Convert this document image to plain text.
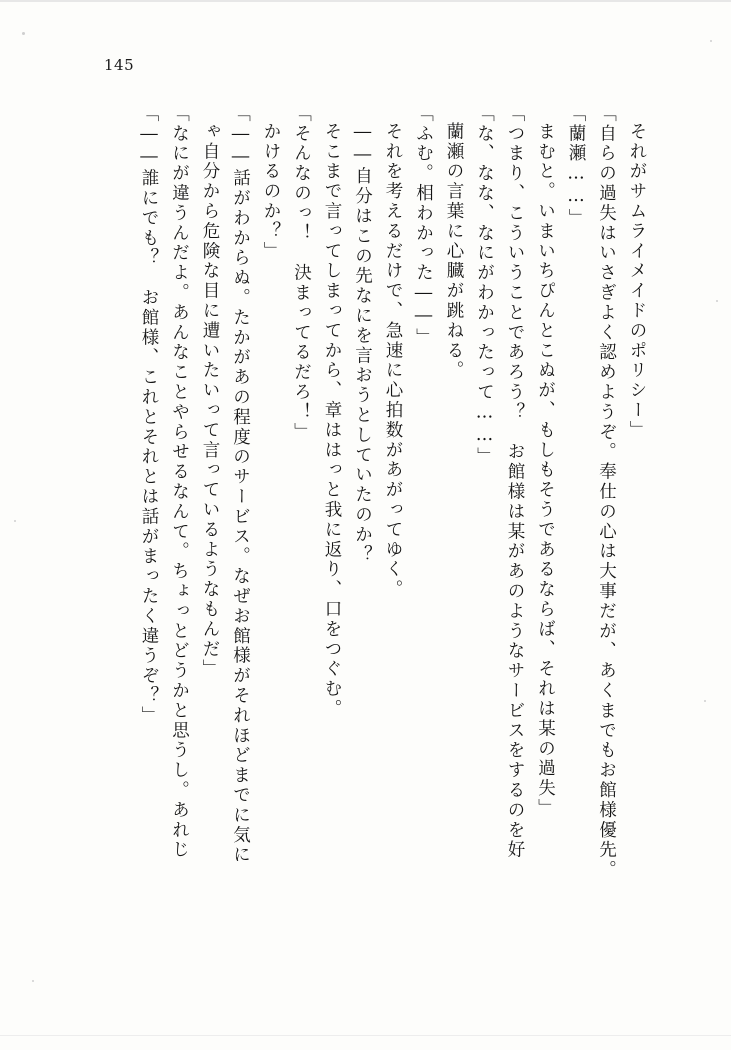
145
「――誰にでも？　お館様、これとそれとは話がまったく違うぞ？」 「なにが違うんだよ。あんなことやらせるなんて。ちょっとどうかと思うし。あれじ ゃ自分から危険な目に遭いたいって言っているようなもんだ」 「――話がわからぬ。たかがあの程度のサービス。なぜお館様がそれほどまでに気に かけるのか？」 「そんなのっ！　決まってるだろ！」 そこまで言ってしまってから、章ははっと我に返り、口をつぐむ。 ――自分はこの先なにを言おうとしていたのか？ それを考えるだけで、急速に心拍数があがってゆく。 「ふむ。相わかった――」 蘭瀬の言葉に心臓が跳ねる。 「な、なな、なにがわかったって……」 「つまり、こういうことであろう？　お館様は某があのようなサービスをするのを好 まむと。いまいちぴんとこぬが、もしもそうであるならば、それは某の過失」 「蘭瀬……」 「自らの過失はいさぎよく認めようぞ。奉仕の心は大事だが、あくまでもお館様優先。 それがサムライメイドのポリシー」
